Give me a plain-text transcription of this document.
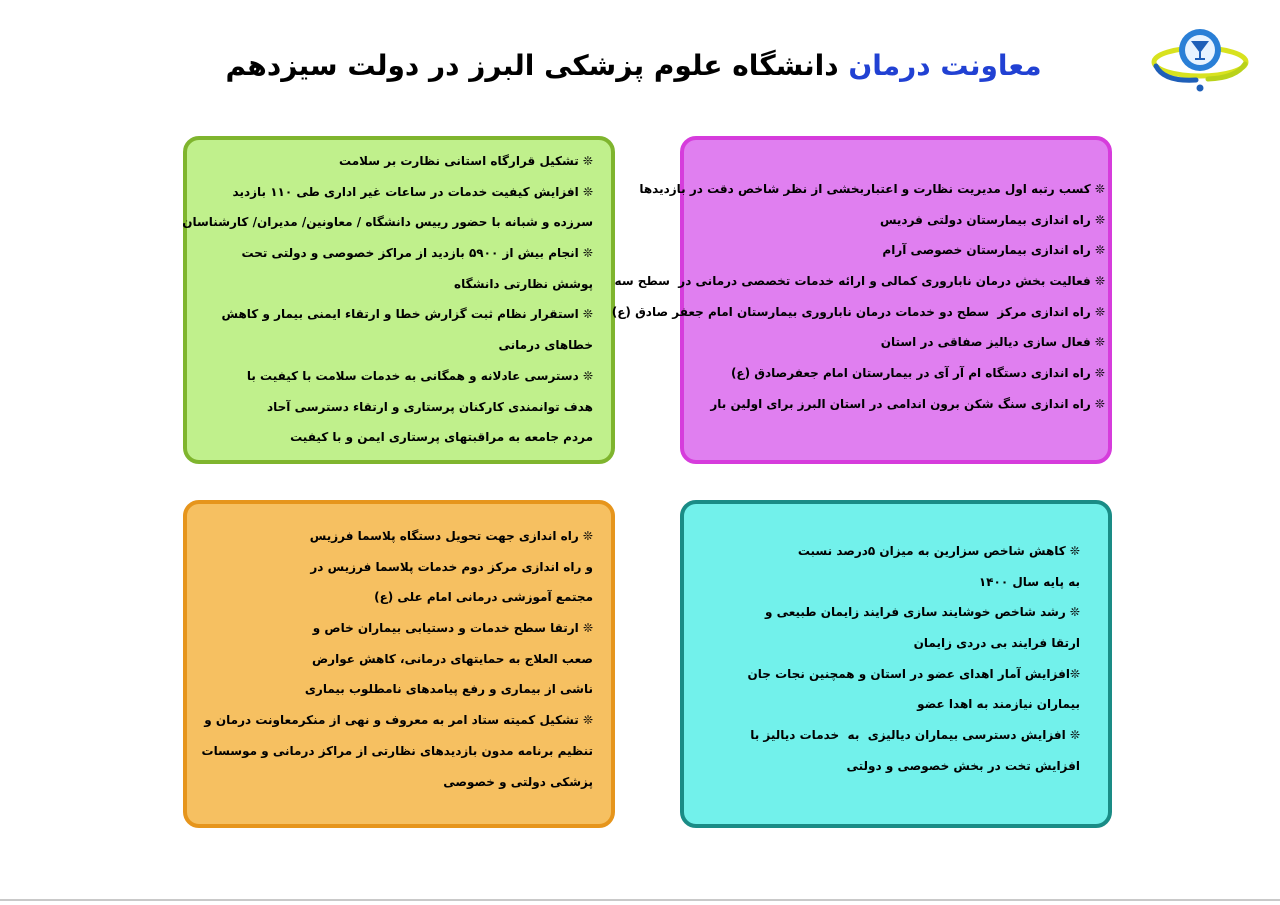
معاونت درمان دانشگاه علوم پزشکی البرز در دولت سیزدهم
❊ تشکیل قرارگاه استانی نظارت بر سلامت
❊ افزایش کیفیت خدمات در ساعات غیر اداری طی ۱۱۰ بازدید
سرزده و شبانه با حضور رییس دانشگاه / معاونین/ مدیران/ کارشناسان
❊ انجام بیش از ۵۹۰۰ بازدید از مراکز خصوصی و دولتی تحت
پوشش نظارتی دانشگاه
❊ استقرار نظام ثبت گزارش خطا و ارتقاء ایمنی بیمار و کاهش
خطاهای درمانی
❊ دسترسی عادلانه و همگانی به خدمات سلامت با کیفیت با
هدف توانمندی کارکنان پرستاری و ارتقاء دسترسی آحاد
مردم جامعه به مراقبتهای پرستاری ایمن و با کیفیت
❊ کسب رتبه اول مدیریت نظارت و اعتباربخشی از نظر شاخص دقت در بازدیدها
❊ راه اندازی بیمارستان دولتی فردیس
❊ راه اندازی بیمارستان خصوصی آرام
❊ فعالیت بخش درمان ناباروری کمالی و ارائه خدمات تخصصی درمانی در  سطح سه
❊ راه اندازی مرکز  سطح دو خدمات درمان ناباروری بیمارستان امام جعفر صادق (ع)
❊ فعال سازی دیالیز صفاقی در استان
❊ راه اندازی دستگاه ام آر آی در بیمارستان امام جعفرصادق (ع)
❊ راه اندازی سنگ شکن برون اندامی در استان البرز برای اولین بار
❊ راه اندازی جهت تحویل دستگاه پلاسما فرزیس
و راه اندازی مرکز دوم خدمات پلاسما فرزیس در
مجتمع آموزشی درمانی امام علی (ع)
❊ ارتقا سطح خدمات و دستیابی بیماران خاص و
صعب العلاج به حمایتهای درمانی، کاهش عوارض
ناشی از بیماری و رفع پیامدهای نامطلوب بیماری
❊ تشکیل کمیته ستاد امر به معروف و نهی از منکرمعاونت درمان و
تنظیم برنامه مدون بازدیدهای نظارتی از مراکز درمانی و موسسات
پزشکی دولتی و خصوصی
❊ کاهش شاخص سزارین به میزان ۵درصد نسبت
به پایه سال ۱۴۰۰
❊ رشد شاخص خوشایند سازی فرایند زایمان طبیعی و
ارتقا فرایند بی دردی زایمان
❊افزایش آمار اهدای عضو در استان و همچنین نجات جان
بیماران نیازمند به اهدا عضو
❊ افزایش دسترسی بیماران دیالیزی  به  خدمات دیالیز با
افزایش تخت در بخش خصوصی و دولتی
